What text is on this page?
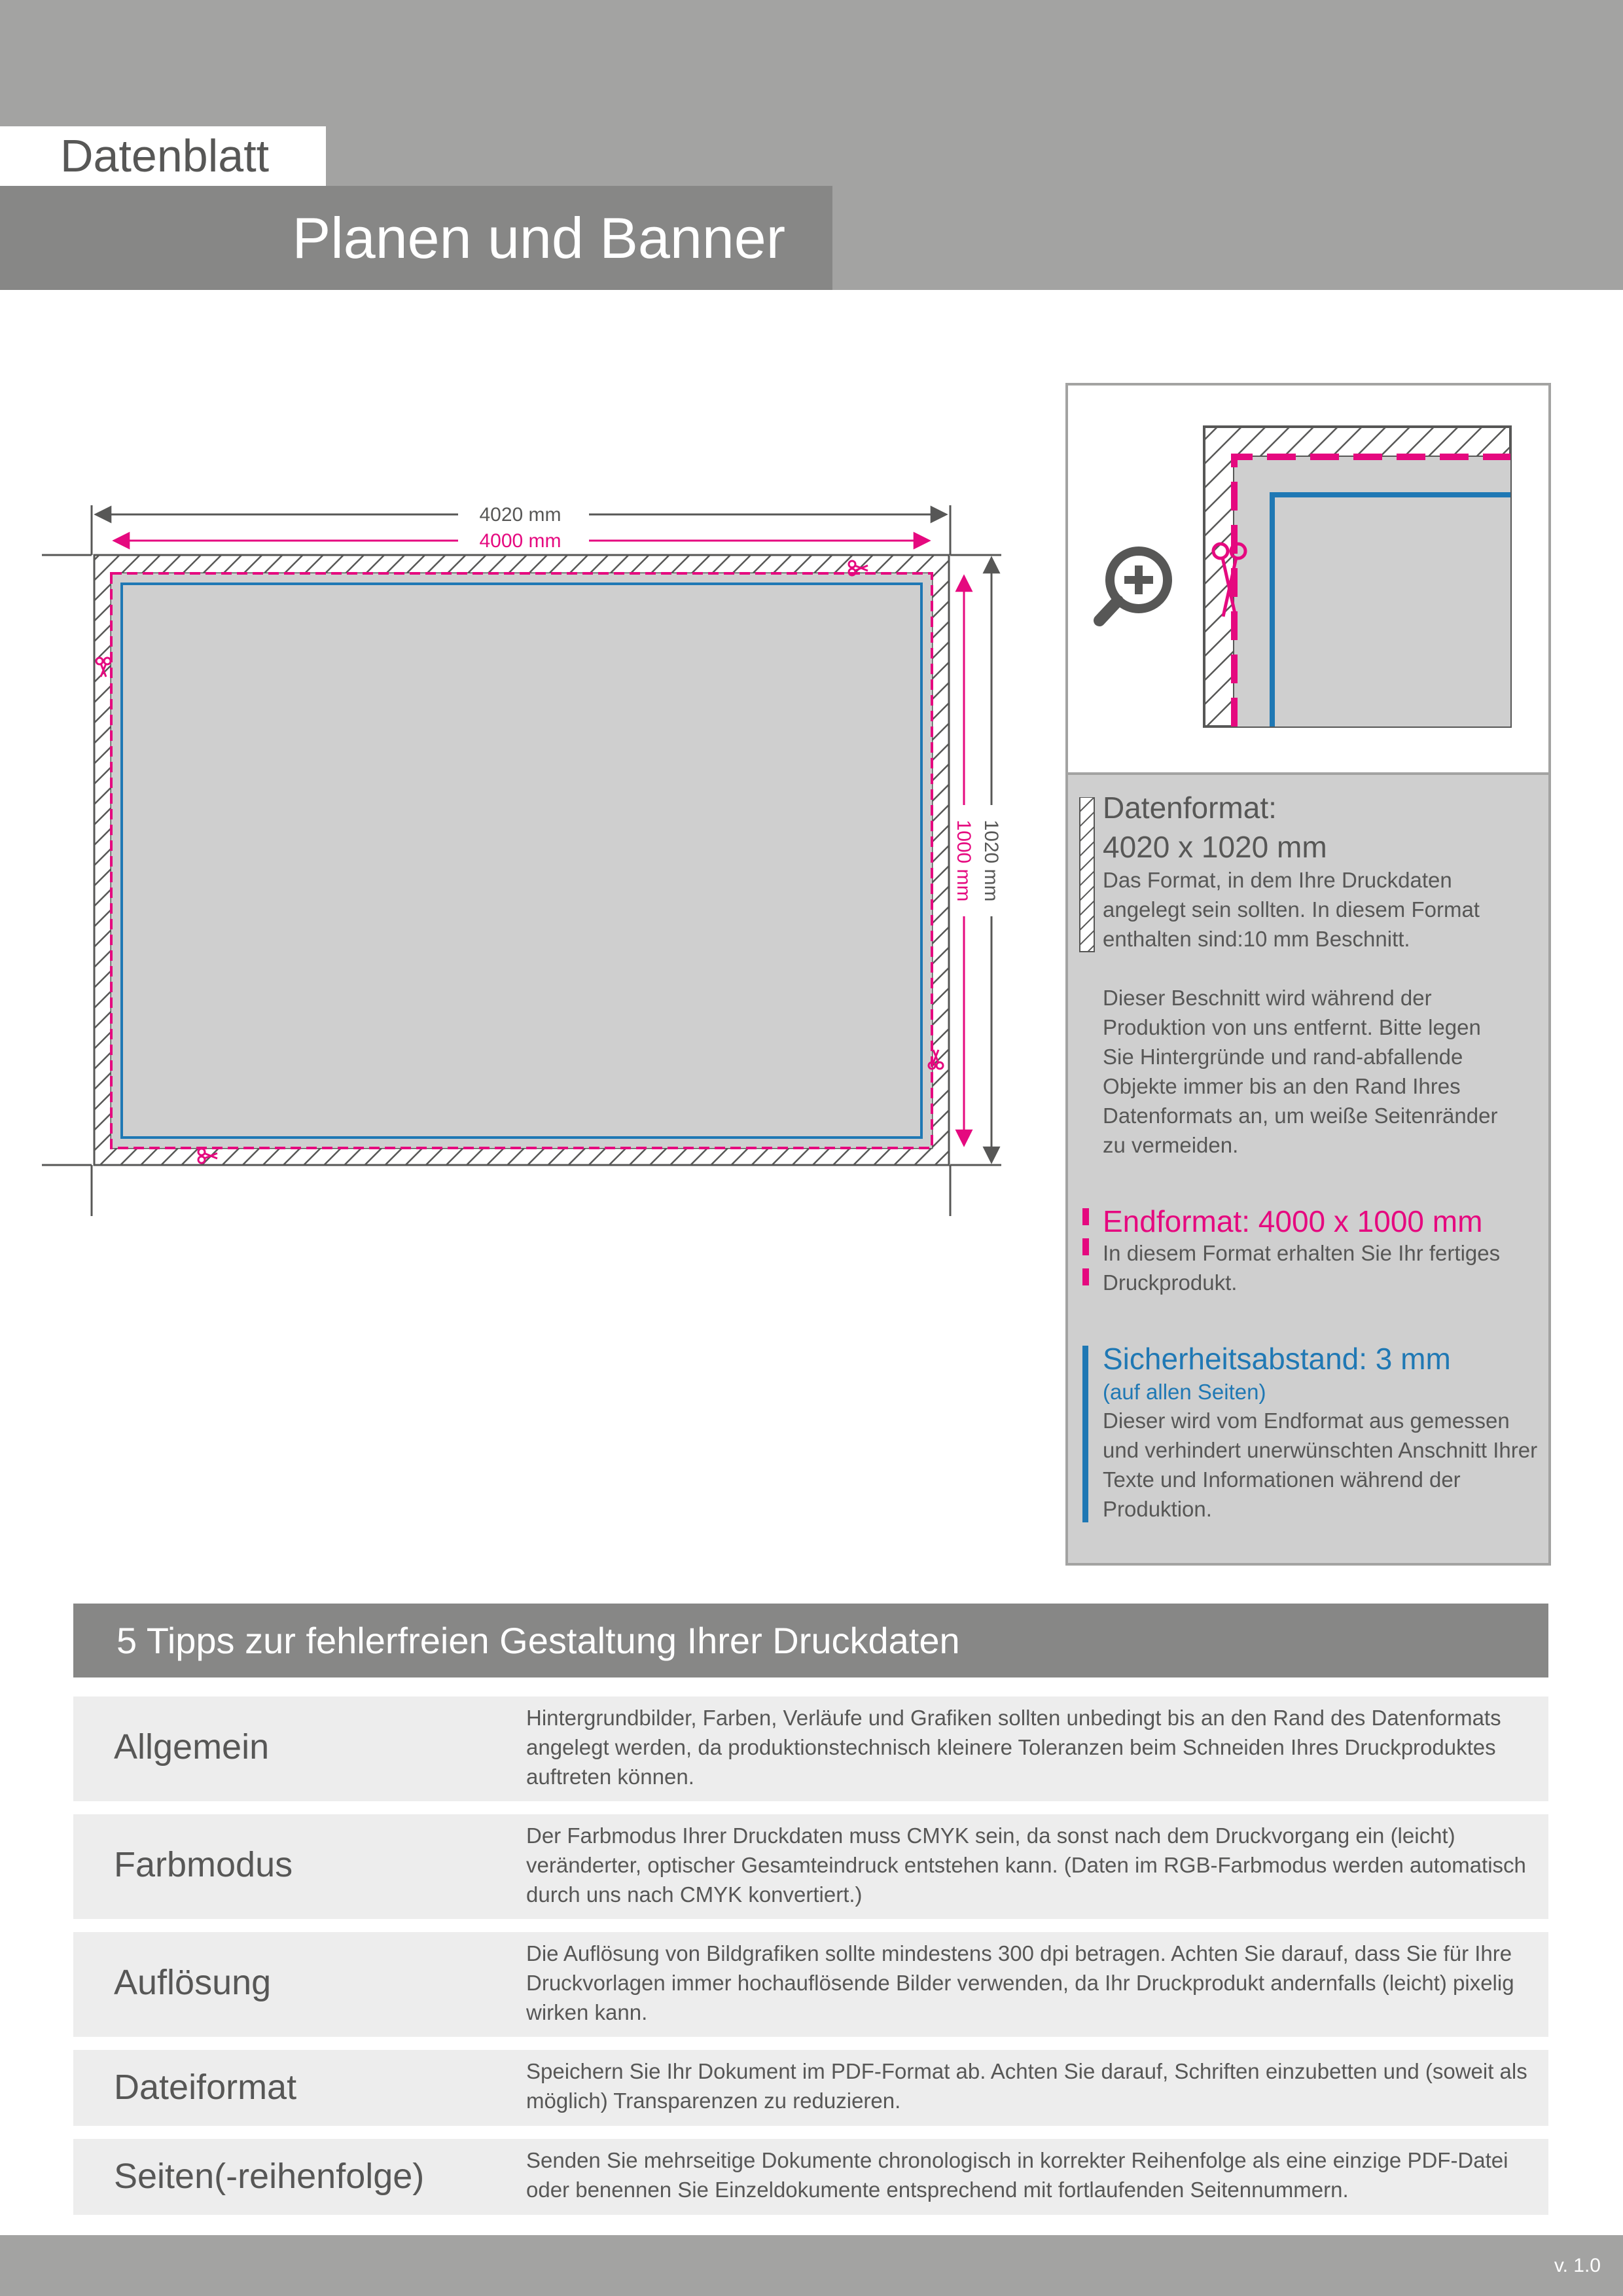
Datenblatt
Planen und Banner
4020 mm
4000 mm
1020 mm
1000 mm
Datenformat:
4020 x 1020 mm
Das Format, in dem Ihre Druckdaten angelegt sein sollten. In diesem Format enthalten sind:10 mm Beschnitt.
Dieser Beschnitt wird während der Produktion von uns entfernt. Bitte legen Sie Hintergründe und rand-abfallende Objekte immer bis an den Rand Ihres Datenformats an, um weiße Seitenränder zu vermeiden.
Endformat: 4000 x 1000 mm
In diesem Format erhalten Sie Ihr fertiges Druckprodukt.
Sicherheitsabstand: 3 mm
(auf allen Seiten)
Dieser wird vom Endformat aus gemessen und verhindert unerwünschten Anschnitt Ihrer Texte und Informationen während der Produktion.
5 Tipps zur fehlerfreien Gestaltung Ihrer Druckdaten
Allgemein
Hintergrundbilder, Farben, Verläufe und Grafiken sollten unbedingt bis an den Rand des Datenformats angelegt werden, da produktionstechnisch kleinere Toleranzen beim Schneiden Ihres Druckproduktes auftreten können.
Farbmodus
Der Farbmodus Ihrer Druckdaten muss CMYK sein, da sonst nach dem Druckvorgang ein (leicht) veränderter, optischer Gesamteindruck entstehen kann. (Daten im RGB-Farbmodus werden automatisch durch uns nach CMYK konvertiert.)
Auflösung
Die Auflösung von Bildgrafiken sollte mindestens 300 dpi betragen. Achten Sie darauf, dass Sie für Ihre Druckvorlagen immer hochauflösende Bilder verwenden, da Ihr Druckprodukt andernfalls (leicht) pixelig wirken kann.
Dateiformat	Speichern Sie Ihr Dokument im PDF-Format ab. Achten Sie darauf, Schriften einzubetten und (soweit als möglich) Transparenzen zu reduzieren.
Seiten(-reihenfolge)	Senden Sie mehrseitige Dokumente chronologisch in korrekter Reihenfolge als eine einzige PDF-Datei oder benennen Sie Einzeldokumente entsprechend mit fortlaufenden Seitennummern.
v. 1.0
